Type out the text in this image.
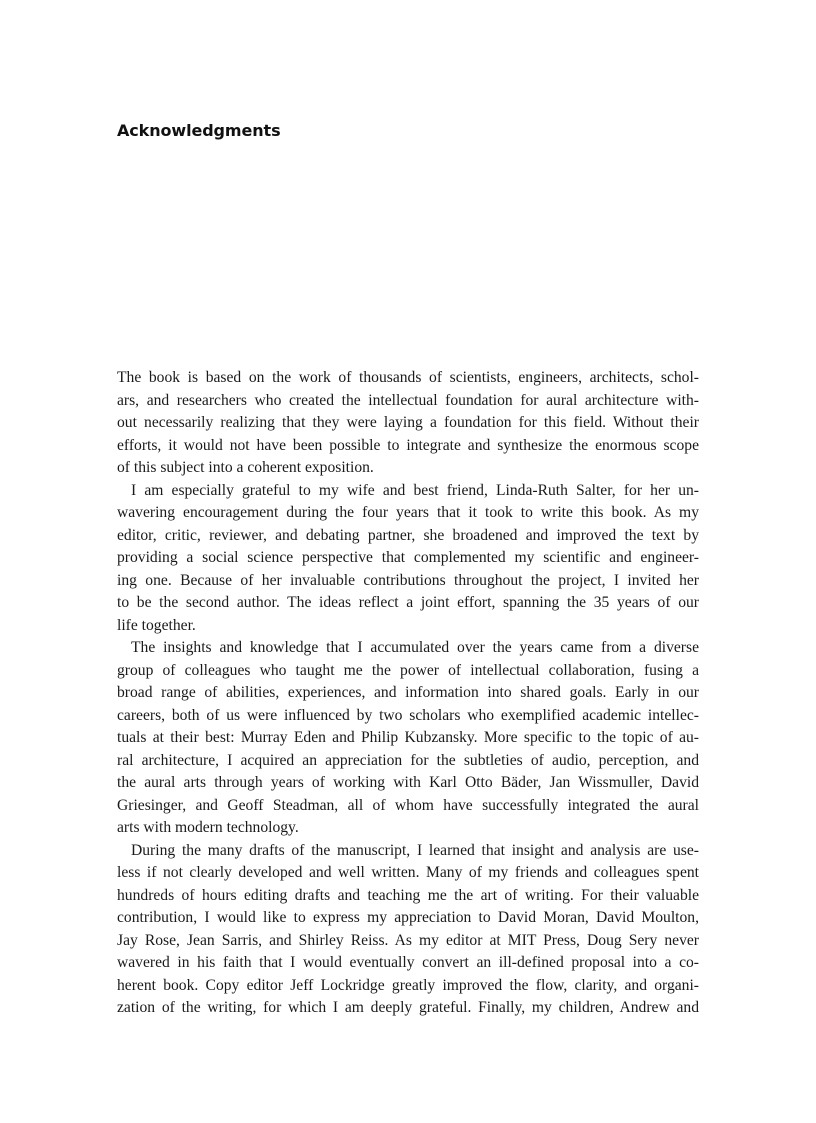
Acknowledgments
The book is based on the work of thousands of scientists, engineers, architects, schol-
ars, and researchers who created the intellectual foundation for aural architecture with-
out necessarily realizing that they were laying a foundation for this field. Without their
efforts, it would not have been possible to integrate and synthesize the enormous scope
of this subject into a coherent exposition.
I am especially grateful to my wife and best friend, Linda-Ruth Salter, for her un-
wavering encouragement during the four years that it took to write this book. As my
editor, critic, reviewer, and debating partner, she broadened and improved the text by
providing a social science perspective that complemented my scientific and engineer-
ing one. Because of her invaluable contributions throughout the project, I invited her
to be the second author. The ideas reflect a joint effort, spanning the 35 years of our
life together.
The insights and knowledge that I accumulated over the years came from a diverse
group of colleagues who taught me the power of intellectual collaboration, fusing a
broad range of abilities, experiences, and information into shared goals. Early in our
careers, both of us were influenced by two scholars who exemplified academic intellec-
tuals at their best: Murray Eden and Philip Kubzansky. More specific to the topic of au-
ral architecture, I acquired an appreciation for the subtleties of audio, perception, and
the aural arts through years of working with Karl Otto Bäder, Jan Wissmuller, David
Griesinger, and Geoff Steadman, all of whom have successfully integrated the aural
arts with modern technology.
During the many drafts of the manuscript, I learned that insight and analysis are use-
less if not clearly developed and well written. Many of my friends and colleagues spent
hundreds of hours editing drafts and teaching me the art of writing. For their valuable
contribution, I would like to express my appreciation to David Moran, David Moulton,
Jay Rose, Jean Sarris, and Shirley Reiss. As my editor at MIT Press, Doug Sery never
wavered in his faith that I would eventually convert an ill-defined proposal into a co-
herent book. Copy editor Jeff Lockridge greatly improved the flow, clarity, and organi-
zation of the writing, for which I am deeply grateful. Finally, my children, Andrew and
